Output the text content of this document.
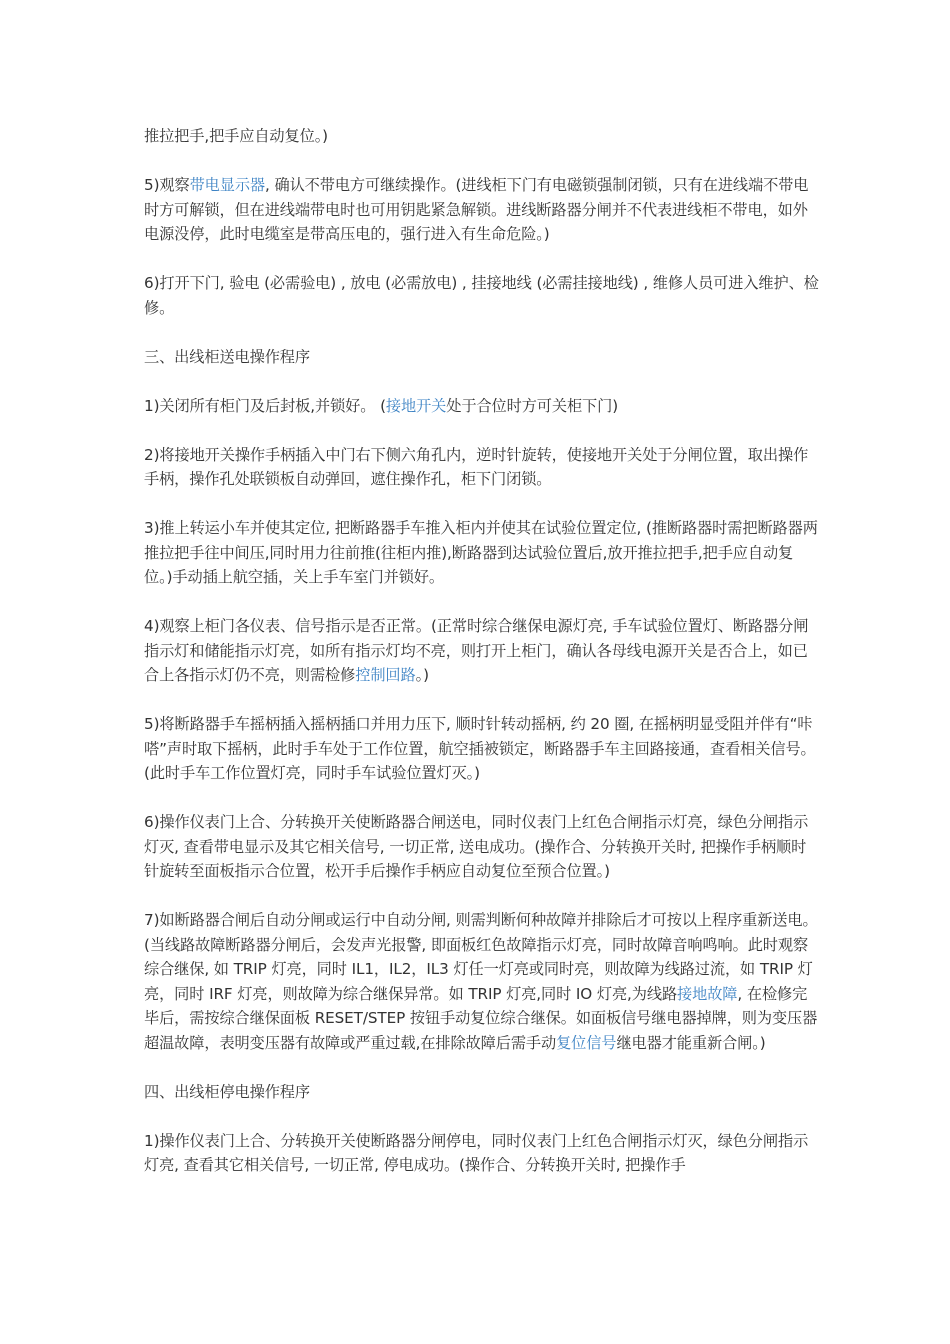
推拉把手,把手应自动复位。)

5)观察带电显示器, 确认不带电方可继续操作。(进线柜下门有电磁锁强制闭锁，只有在进线端不带电时方可解锁，但在进线端带电时也可用钥匙紧急解锁。进线断路器分闸并不代表进线柜不带电，如外电源没停，此时电缆室是带高压电的，强行进入有生命危险。)

6)打开下门, 验电 (必需验电) , 放电 (必需放电) , 挂接地线 (必需挂接地线) , 维修人员可进入维护、检修。

三、出线柜送电操作程序

1)关闭所有柜门及后封板,并锁好。 (接地开关处于合位时方可关柜下门)

2)将接地开关操作手柄插入中门右下侧六角孔内，逆时针旋转，使接地开关处于分闸位置，取出操作手柄，操作孔处联锁板自动弹回，遮住操作孔，柜下门闭锁。

3)推上转运小车并使其定位, 把断路器手车推入柜内并使其在试验位置定位, (推断路器时需把断路器两推拉把手往中间压,同时用力往前推(往柜内推),断路器到达试验位置后,放开推拉把手,把手应自动复位。)手动插上航空插，关上手车室门并锁好。

4)观察上柜门各仪表、信号指示是否正常。(正常时综合继保电源灯亮, 手车试验位置灯、断路器分闸指示灯和储能指示灯亮，如所有指示灯均不亮，则打开上柜门，确认各母线电源开关是否合上，如已合上各指示灯仍不亮，则需检修控制回路。)

5)将断路器手车摇柄插入摇柄插口并用力压下, 顺时针转动摇柄, 约 20 圈, 在摇柄明显受阻并伴有“咔嗒”声时取下摇柄，此时手车处于工作位置，航空插被锁定，断路器手车主回路接通，查看相关信号。 (此时手车工作位置灯亮，同时手车试验位置灯灭。)

6)操作仪表门上合、分转换开关使断路器合闸送电，同时仪表门上红色合闸指示灯亮，绿色分闸指示灯灭, 查看带电显示及其它相关信号, 一切正常, 送电成功。(操作合、分转换开关时, 把操作手柄顺时针旋转至面板指示合位置，松开手后操作手柄应自动复位至预合位置。)

7)如断路器合闸后自动分闸或运行中自动分闸, 则需判断何种故障并排除后才可按以上程序重新送电。(当线路故障断路器分闸后，会发声光报警, 即面板红色故障指示灯亮，同时故障音响鸣响。此时观察综合继保, 如 TRIP 灯亮，同时 IL1，IL2，IL3 灯任一灯亮或同时亮，则故障为线路过流，如 TRIP 灯亮，同时 IRF 灯亮，则故障为综合继保异常。如 TRIP 灯亮,同时 IO 灯亮,为线路接地故障, 在检修完毕后，需按综合继保面板 RESET/STEP 按钮手动复位综合继保。如面板信号继电器掉牌，则为变压器超温故障，表明变压器有故障或严重过载,在排除故障后需手动复位信号继电器才能重新合闸。)

四、出线柜停电操作程序

1)操作仪表门上合、分转换开关使断路器分闸停电，同时仪表门上红色合闸指示灯灭，绿色分闸指示灯亮, 查看其它相关信号, 一切正常, 停电成功。(操作合、分转换开关时, 把操作手
